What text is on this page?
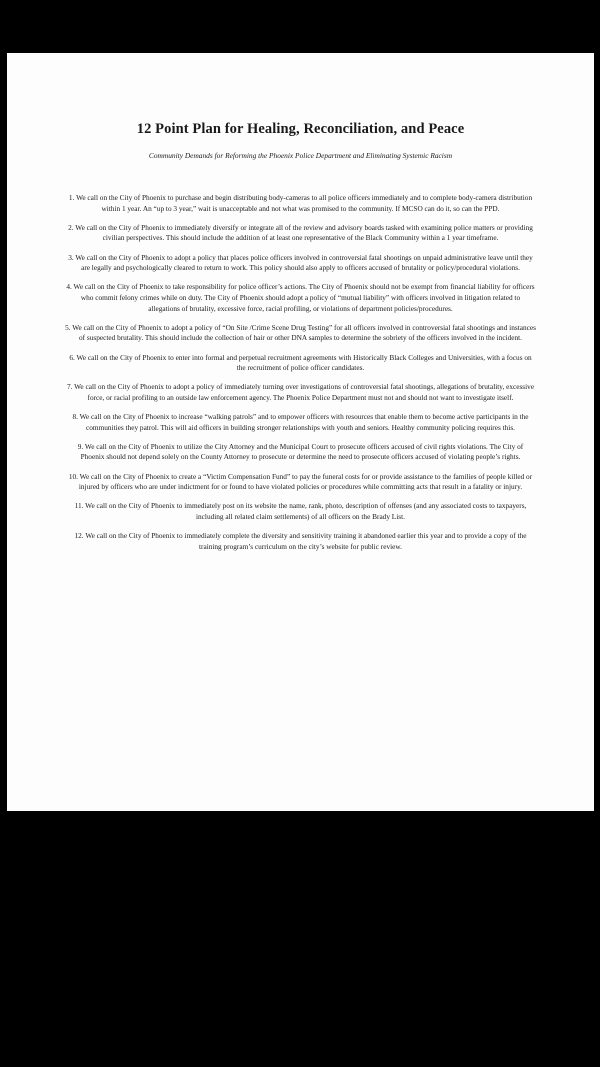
12 Point Plan for Healing, Reconciliation, and Peace
Community Demands for Reforming the Phoenix Police Department and Eliminating Systemic Racism

1. We call on the City of Phoenix to purchase and begin distributing body-cameras to all police officers immediately and to complete body-camera distribution within 1 year. An “up to 3 year,” wait is unacceptable and not what was promised to the community. If MCSO can do it, so can the PPD.

2. We call on the City of Phoenix to immediately diversify or integrate all of the review and advisory boards tasked with examining police matters or providing civilian perspectives. This should include the addition of at least one representative of the Black Community within a 1 year timeframe.

3. We call on the City of Phoenix to adopt a policy that places police officers involved in controversial fatal shootings on unpaid administrative leave until they are legally and psychologically cleared to return to work. This policy should also apply to officers accused of brutality or policy/procedural violations.

4. We call on the City of Phoenix to take responsibility for police officer’s actions. The City of Phoenix should not be exempt from financial liability for officers who commit felony crimes while on duty. The City of Phoenix should adopt a policy of “mutual liability” with officers involved in litigation related to allegations of brutality, excessive force, racial profiling, or violations of department policies/procedures.

5. We call on the City of Phoenix to adopt a policy of “On Site /Crime Scene Drug Testing” for all officers involved in controversial fatal shootings and instances of suspected brutality. This should include the collection of hair or other DNA samples to determine the sobriety of the officers involved in the incident.

6. We call on the City of Phoenix to enter into formal and perpetual recruitment agreements with Historically Black Colleges and Universities, with a focus on the recruitment of police officer candidates.

7. We call on the City of Phoenix to adopt a policy of immediately turning over investigations of controversial fatal shootings, allegations of brutality, excessive force, or racial profiling to an outside law enforcement agency. The Phoenix Police Department must not and should not want to investigate itself.

8. We call on the City of Phoenix to increase “walking patrols” and to empower officers with resources that enable them to become active participants in the communities they patrol. This will aid officers in building stronger relationships with youth and seniors. Healthy community policing requires this.

9. We call on the City of Phoenix to utilize the City Attorney and the Municipal Court to prosecute officers accused of civil rights violations. The City of Phoenix should not depend solely on the County Attorney to prosecute or determine the need to prosecute officers accused of violating people’s rights.

10. We call on the City of Phoenix to create a “Victim Compensation Fund” to pay the funeral costs for or provide assistance to the families of people killed or injured by officers who are under indictment for or found to have violated policies or procedures while committing acts that result in a fatality or injury.

11. We call on the City of Phoenix to immediately post on its website the name, rank, photo, description of offenses (and any associated costs to taxpayers, including all related claim settlements) of all officers on the Brady List.

12. We call on the City of Phoenix to immediately complete the diversity and sensitivity training it abandoned earlier this year and to provide a copy of the training program’s curriculum on the city’s website for public review.
